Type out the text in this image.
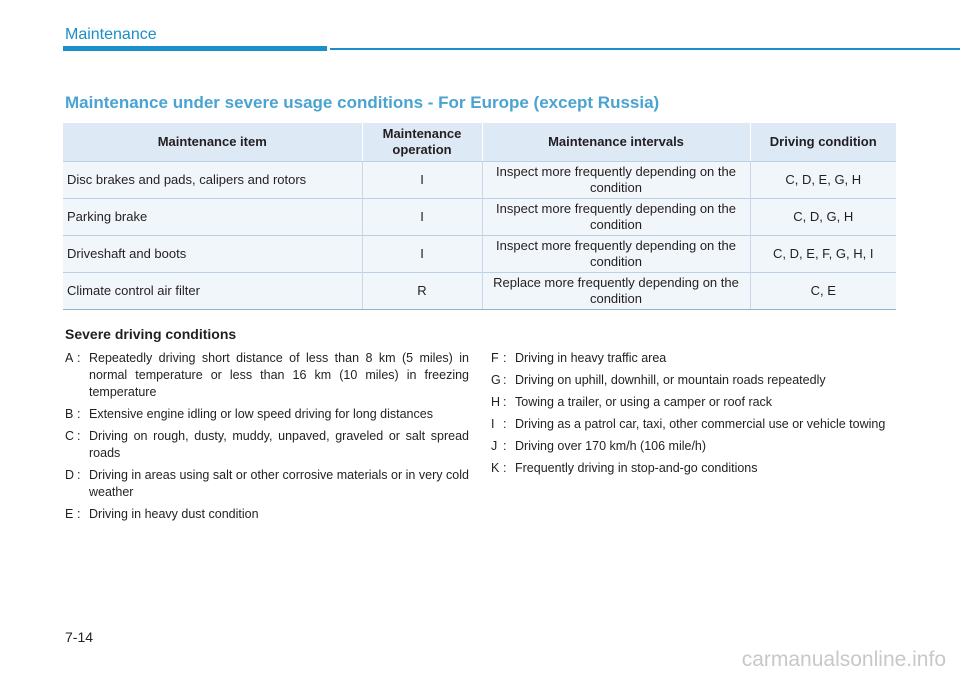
Maintenance
Maintenance under severe usage conditions - For Europe (except Russia)
Maintenance item	Maintenance operation	Maintenance intervals	Driving condition
Disc brakes and pads, calipers and rotors	I	Inspect more frequently depending on the condition	C, D, E, G, H
Parking brake	I	Inspect more frequently depending on the condition	C, D, G, H
Driveshaft and boots	I	Inspect more frequently depending on the condition	C, D, E, F, G, H, I
Climate control air filter	R	Replace more frequently depending on the condition	C, E
Severe driving conditions
A : Repeatedly driving short distance of less than 8 km (5 miles) in normal temperature or less than 16 km (10 miles) in freezing temperature
B : Extensive engine idling or low speed driving for long distances
C : Driving on rough, dusty, muddy, unpaved, graveled or salt spread roads
D : Driving in areas using salt or other corrosive materials or in very cold weather
E : Driving in heavy dust condition
F : Driving in heavy traffic area
G : Driving on uphill, downhill, or mountain roads repeatedly
H : Towing a trailer, or using a camper or roof rack
I : Driving as a patrol car, taxi, other commercial use or vehicle towing
J : Driving over 170 km/h (106 mile/h)
K : Frequently driving in stop-and-go conditions
7-14
carmanualsonline.info
